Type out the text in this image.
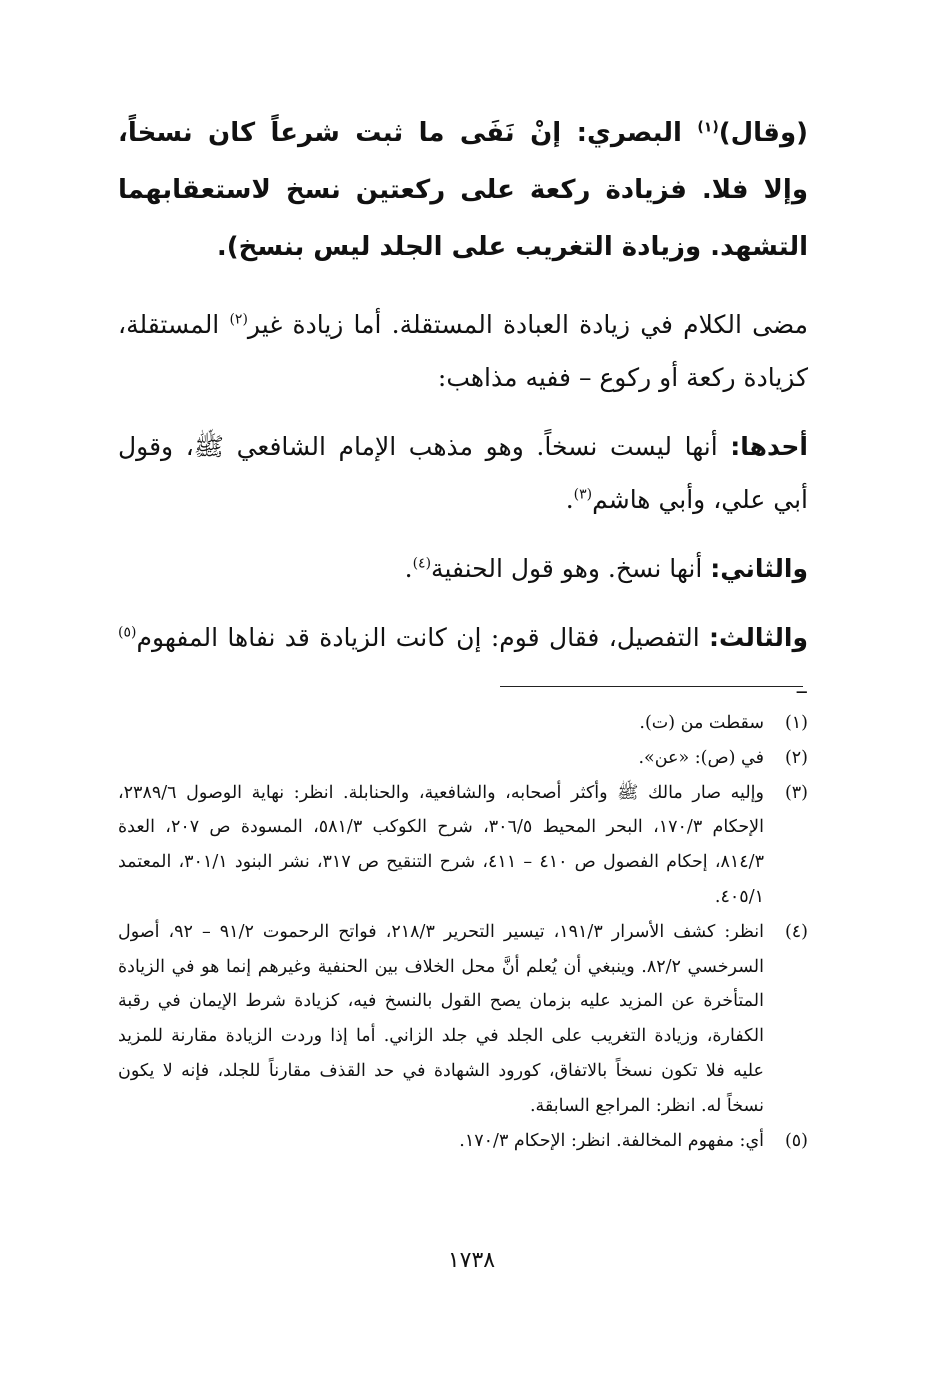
(وقال)$^{(١)}$ البصري: إنْ نَفَى ما ثبت شرعاً كان نسخاً، وإلا فلا. فزيادة ركعة على ركعتين نسخ لاستعقابهما التشهد. وزيادة التغريب على الجلد ليس بنسخ).

مضى الكلام في زيادة العبادة المستقلة. أما زيادة غير$^{(٢)}$ المستقلة، كزيادة ركعة أو ركوع – ففيه مذاهب:

أحدها: أنها ليست نسخاً. وهو مذهب الإمام الشافعي ﷺ، وقول أبي علي، وأبي هاشم$^{(٣)}$.

والثاني: أنها نسخ. وهو قول الحنفية$^{(٤)}$.

والثالث: التفصيل، فقال قوم: إن كانت الزيادة قد نفاها المفهوم$^{(٥)}$ –

(١)
سقطت من (ت).
(٢)
في (ص): «عن».
(٣)
وإليه صار مالك ﷺ وأكثر أصحابه، والشافعية، والحنابلة. انظر: نهاية الوصول ٢٣٨٩/٦، الإحكام ١٧٠/٣، البحر المحيط ٣٠٦/٥، شرح الكوكب ٥٨١/٣، المسودة ص ٢٠٧، العدة ٨١٤/٣، إحكام الفصول ص ٤١٠ – ٤١١، شرح التنقيح ص ٣١٧، نشر البنود ٣٠١/١، المعتمد ٤٠٥/١.
(٤)
انظر: كشف الأسرار ١٩١/٣، تيسير التحرير ٢١٨/٣، فواتح الرحموت ٩١/٢ – ٩٢، أصول السرخسي ٨٢/٢. وينبغي أن يُعلم أنَّ محل الخلاف بين الحنفية وغيرهم إنما هو في الزيادة المتأخرة عن المزيد عليه بزمان يصح القول بالنسخ فيه، كزيادة شرط الإيمان في رقبة الكفارة، وزيادة التغريب على الجلد في جلد الزاني. أما إذا وردت الزيادة مقارنة للمزيد عليه فلا تكون نسخاً بالاتفاق، كورود الشهادة في حد القذف مقارناً للجلد، فإنه لا يكون نسخاً له. انظر: المراجع السابقة.
(٥)
أي: مفهوم المخالفة. انظر: الإحكام ١٧٠/٣.
١٧٣٨
